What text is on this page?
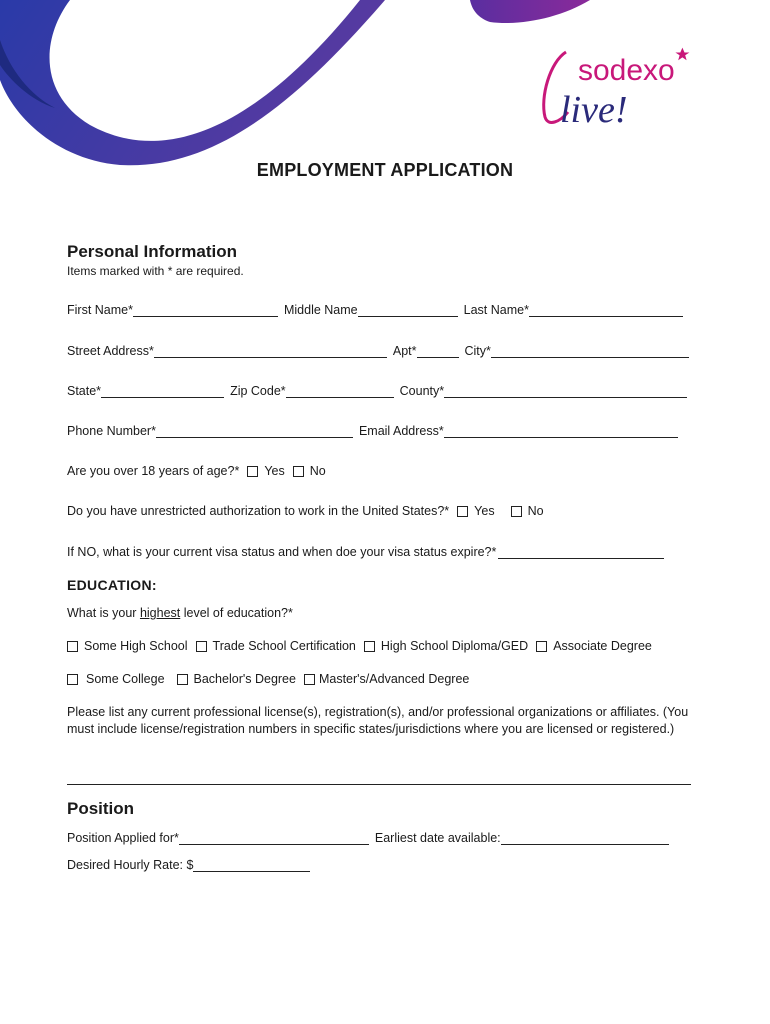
sodexo
live!
EMPLOYMENT APPLICATION
Personal Information
Items marked with * are required.
First Name*	Middle Name	Last Name*
Street Address*	Apt*	City*
State*	Zip Code*	County*
Phone Number*	Email Address*
Are you over 18 years of age?* Yes No
Do you have unrestricted authorization to work in the United States?* Yes	No
If NO, what is your current visa status and when doe your visa status expire?*
EDUCATION:
What is your
highest
level of education?*
Some High School Trade School Certification High School Diploma/GED Associate Degree
Some College Bachelor's Degree Master's/Advanced Degree
Please list any current professional license(s), registration(s), and/or professional organizations or affiliates. (You must include license/registration numbers in specific states/jurisdictions where you are licensed or registered.)
Position
Position Applied for*	Earliest date available:
Desired Hourly Rate: $
